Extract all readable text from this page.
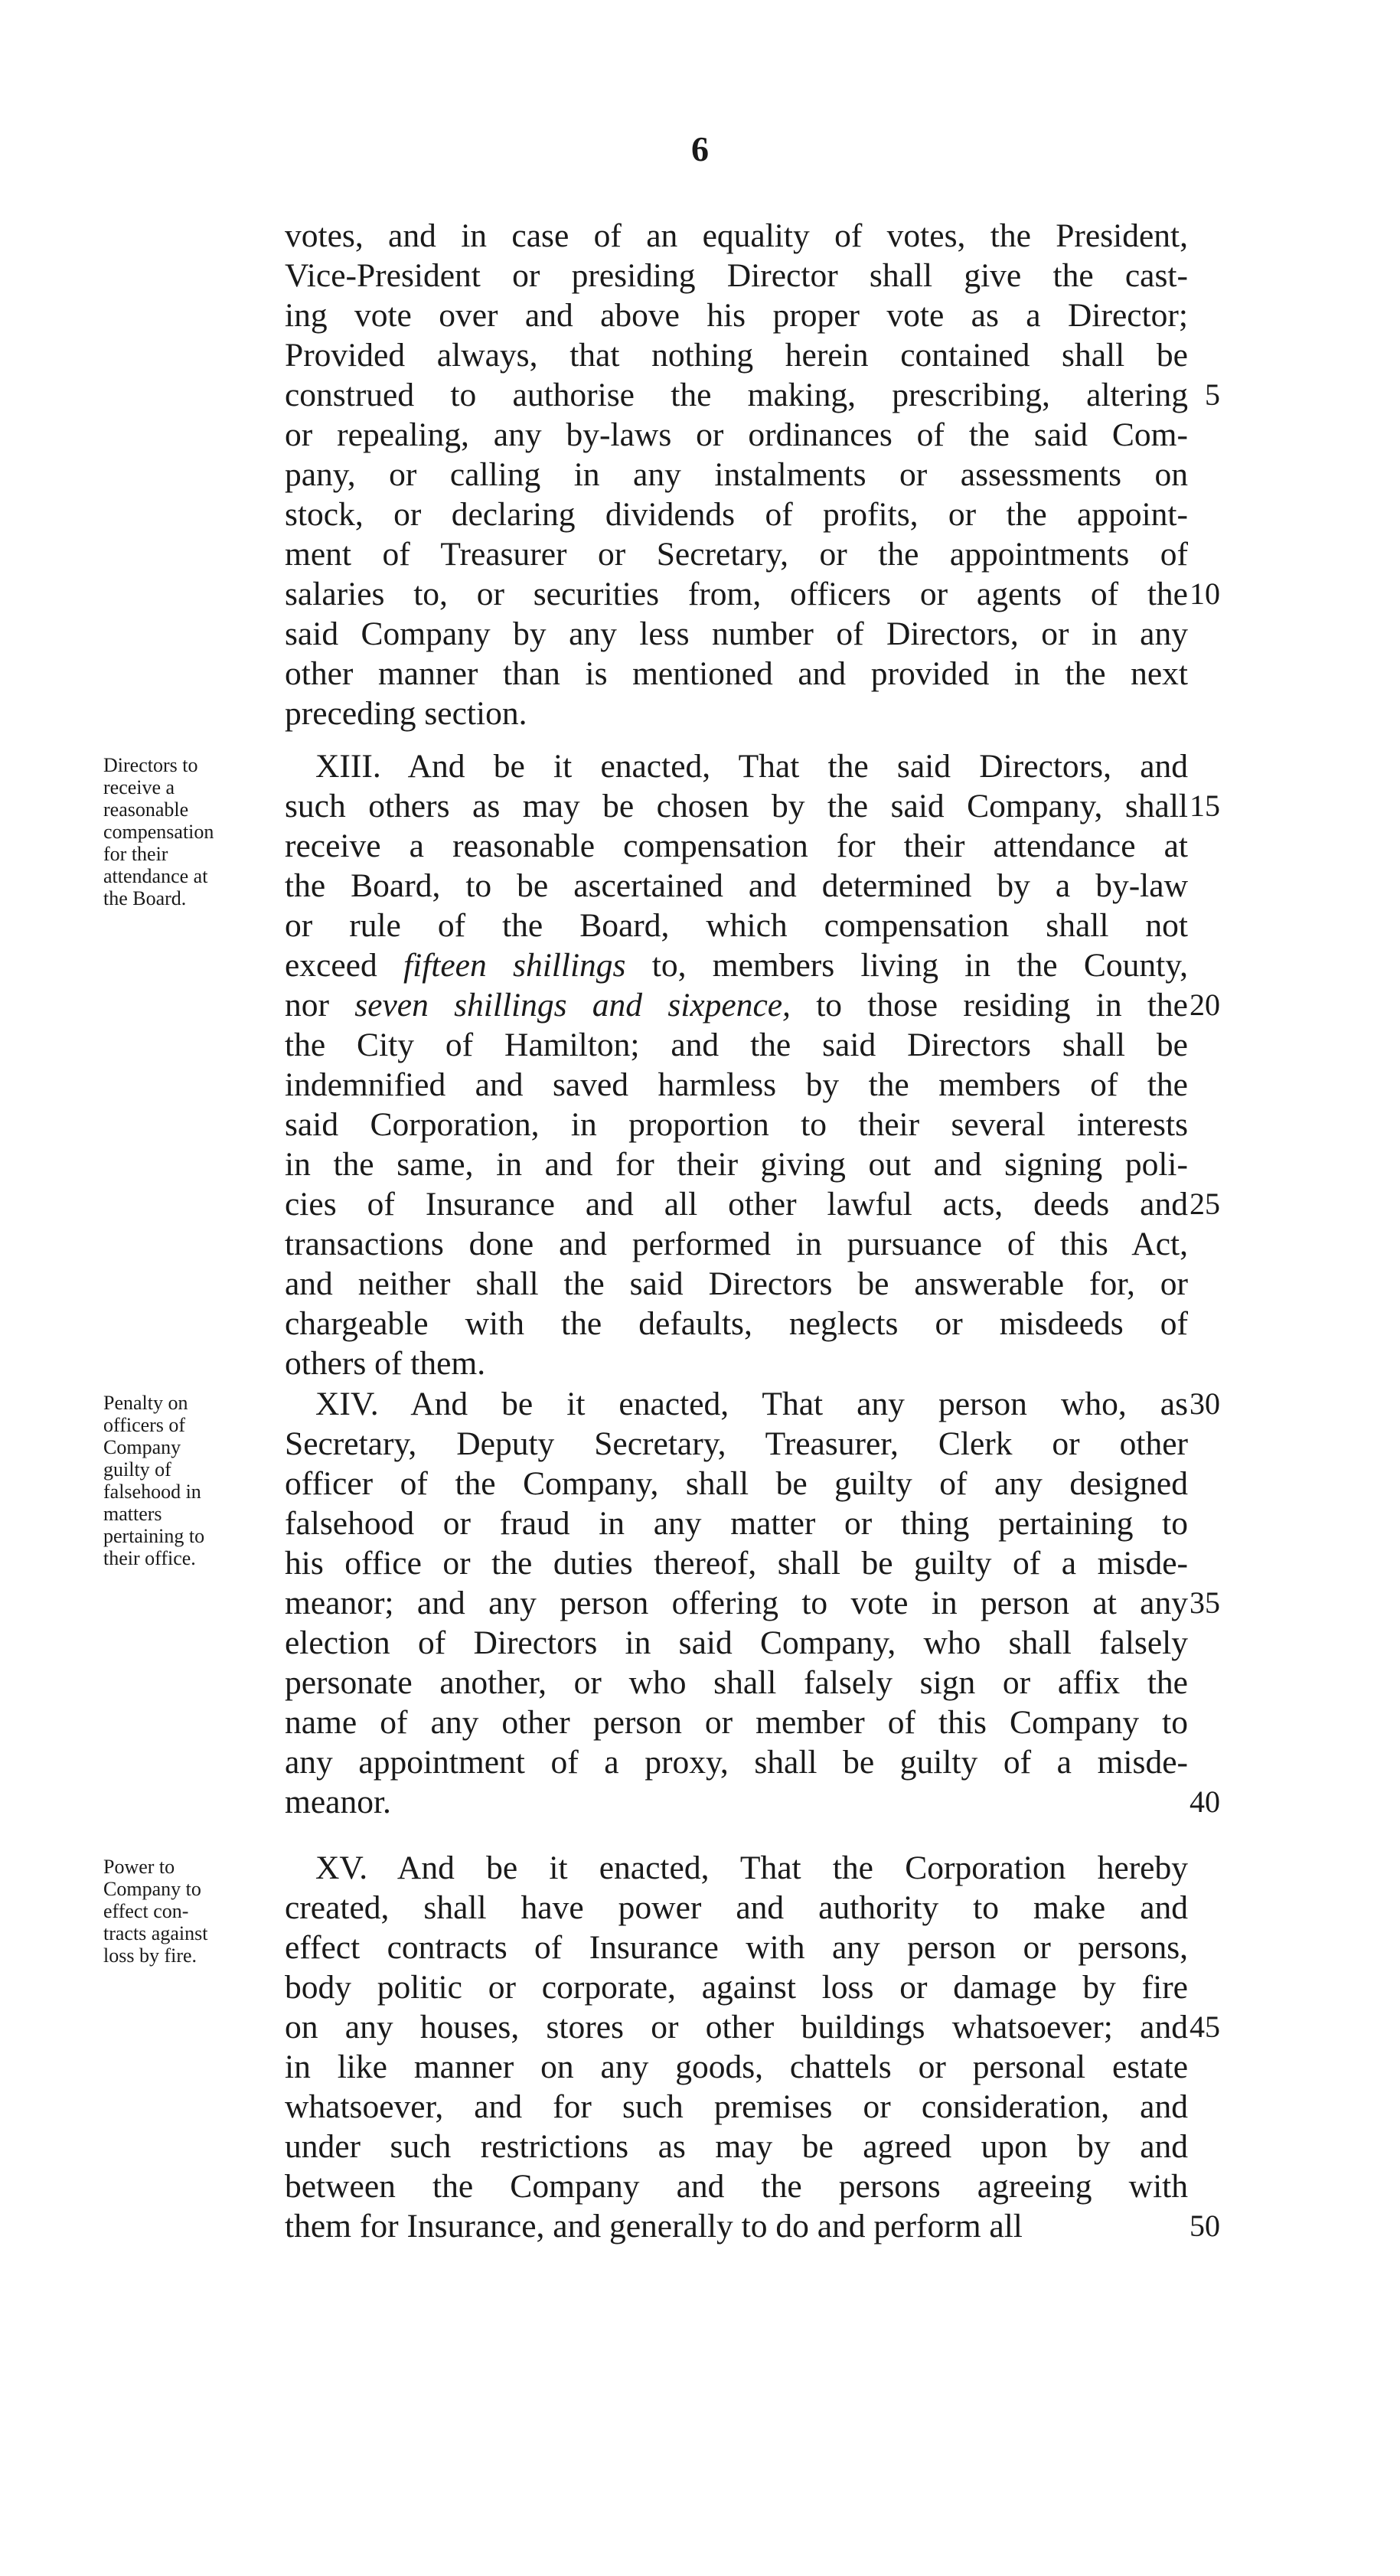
6
votes, and in case of an equality of votes, the President,
Vice-President or presiding Director shall give the cast-
ing vote over and above his proper vote as a Director;
Provided always, that nothing herein contained shall be
construed to authorise the making, prescribing, altering
or repealing, any by-laws or ordinances of the said Com-
pany, or calling in any instalments or assessments on
stock, or declaring dividends of profits, or the appoint-
ment of Treasurer or Secretary, or the appointments of
salaries to, or securities from, officers or agents of the
said Company by any less number of Directors, or in any
other manner than is mentioned and provided in the next
preceding section.
5
10
Directors to
receive a
reasonable
compensation
for their
attendance at
the Board.
XIII. And be it enacted, That the said Directors, and
such others as may be chosen by the said Company, shall
receive a reasonable compensation for their attendance at
the Board, to be ascertained and determined by a by-law
or rule of the Board, which compensation shall not
exceed fifteen shillings to, members living in the County,
nor seven shillings and sixpence, to those residing in the
the City of Hamilton; and the said Directors shall be
indemnified and saved harmless by the members of the
said Corporation, in proportion to their several interests
in the same, in and for their giving out and signing poli-
cies of Insurance and all other lawful acts, deeds and
transactions done and performed in pursuance of this Act,
and neither shall the said Directors be answerable for, or
chargeable with the defaults, neglects or misdeeds of
others of them.
15
20
25
Penalty on
officers of
Company
guilty of
falsehood in
matters
pertaining to
their office.
XIV. And be it enacted, That any person who, as
Secretary, Deputy Secretary, Treasurer, Clerk or other
officer of the Company, shall be guilty of any designed
falsehood or fraud in any matter or thing pertaining to
his office or the duties thereof, shall be guilty of a misde-
meanor; and any person offering to vote in person at any
election of Directors in said Company, who shall falsely
personate another, or who shall falsely sign or affix the
name of any other person or member of this Company to
any appointment of a proxy, shall be guilty of a misde-
meanor.
30
35
40
Power to
Company to
effect con-
tracts against
loss by fire.
XV. And be it enacted, That the Corporation hereby
created, shall have power and authority to make and
effect contracts of Insurance with any person or persons,
body politic or corporate, against loss or damage by fire
on any houses, stores or other buildings whatsoever; and
in like manner on any goods, chattels or personal estate
whatsoever, and for such premises or consideration, and
under such restrictions as may be agreed upon by and
between the Company and the persons agreeing with
them for Insurance, and generally to do and perform all
45
50
